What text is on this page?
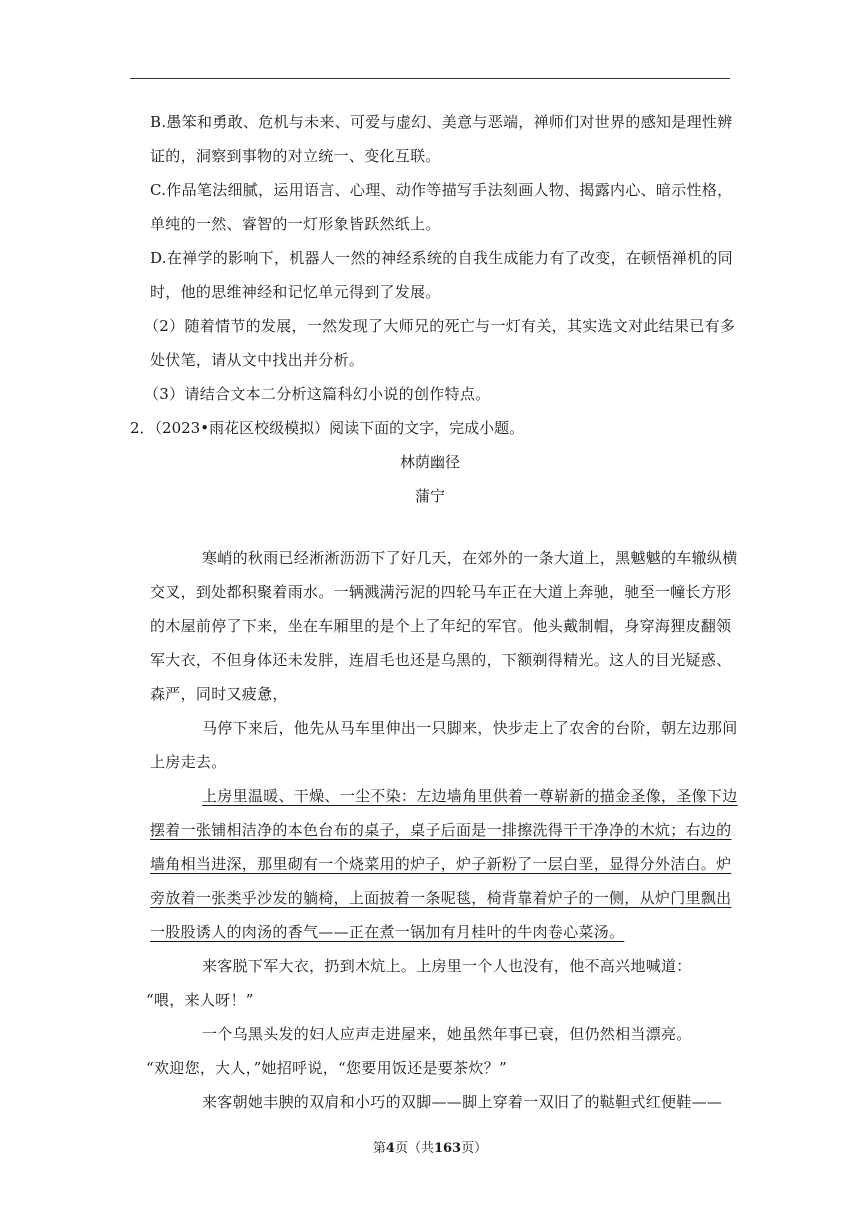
B.愚笨和勇敢、危机与未来、可爱与虚幻、美意与恶端，禅师们对世界的感知是理性辨
证的，洞察到事物的对立统一、变化互联。
C.作品笔法细腻，运用语言、心理、动作等描写手法刻画人物、揭露内心、暗示性格，
单纯的一然、睿智的一灯形象皆跃然纸上。
D.在禅学的影响下，机器人一然的神经系统的自我生成能力有了改变，在顿悟禅机的同
时，他的思维神经和记忆单元得到了发展。
（2）随着情节的发展，一然发现了大师兄的死亡与一灯有关，其实选文对此结果已有多
处伏笔，请从文中找出并分析。
（3）请结合文本二分析这篇科幻小说的创作特点。
2．（2023•雨花区校级模拟）阅读下面的文字，完成小题。
林荫幽径
蒲宁
寒峭的秋雨已经淅淅沥沥下了好几天，在郊外的一条大道上，黑魆魆的车辙纵横
交叉，到处都积聚着雨水。一辆溅满污泥的四轮马车正在大道上奔驰，驰至一幢长方形
的木屋前停了下来，坐在车厢里的是个上了年纪的军官。他头戴制帽，身穿海狸皮翻领
军大衣，不但身体还未发胖，连眉毛也还是乌黑的，下额剃得精光。这人的目光疑惑、
森严，同时又疲惫，
马停下来后，他先从马车里伸出一只脚来，快步走上了农舍的台阶，朝左边那间
上房走去。
上房里温暖、干燥、一尘不染：左边墙角里供着一尊崭新的描金圣像，圣像下边
摆着一张铺相洁净的本色台布的桌子，桌子后面是一排擦洗得干干净净的木炕；右边的
墙角相当进深，那里砌有一个烧菜用的炉子，炉子新粉了一层白垩，显得分外洁白。炉
旁放着一张类乎沙发的躺椅，上面披着一条呢毯，椅背靠着炉子的一侧，从炉门里飘出
一股股诱人的肉汤的香气——正在煮一锅加有月桂叶的牛肉卷心菜汤。
来客脱下军大衣，扔到木炕上。上房里一个人也没有，他不高兴地喊道：
“喂，来人呀！”
一个乌黑头发的妇人应声走进屋来，她虽然年事已衰，但仍然相当漂亮。
“欢迎您，大人，”她招呼说，“您要用饭还是要茶炊？”
来客朝她丰腴的双肩和小巧的双脚——脚上穿着一双旧了的鞑靼式红便鞋——
第4页（共163页）
